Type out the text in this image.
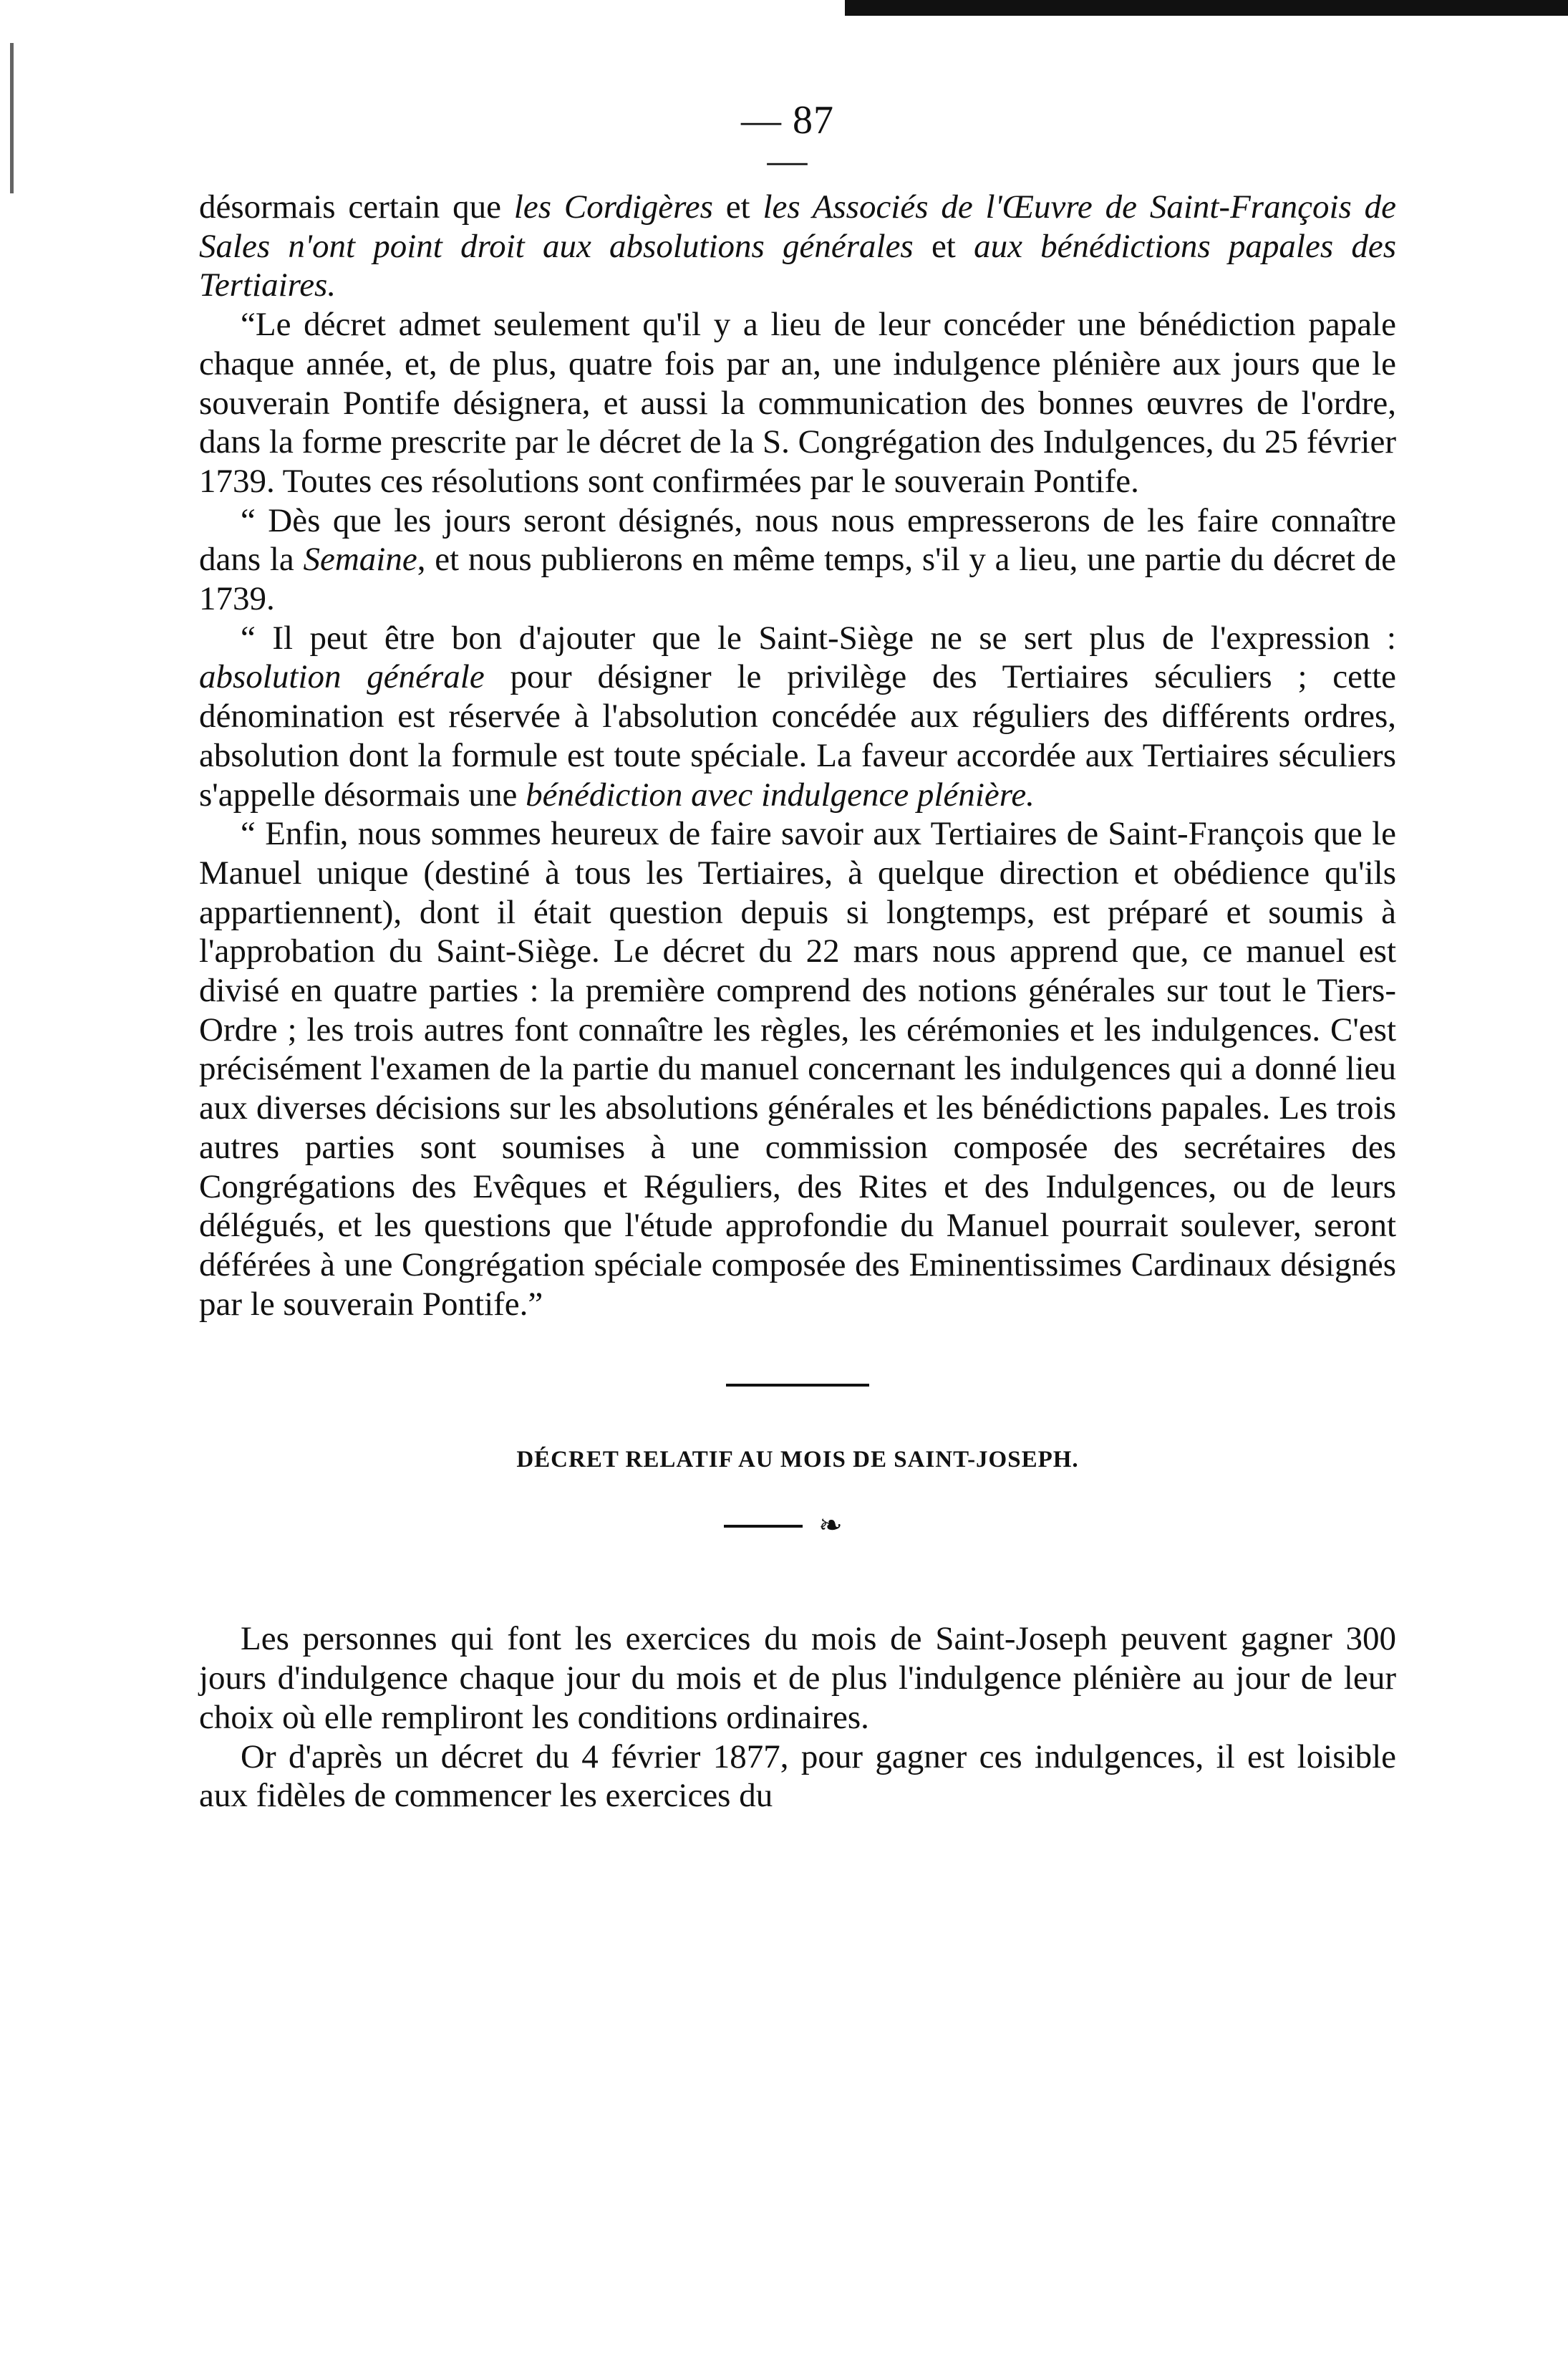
— 87 —

désormais certain que les Cordigères et les Associés de l'Œuvre de Saint-François de Sales n'ont point droit aux absolutions générales et aux bénédictions papales des Tertiaires.

“Le décret admet seulement qu'il y a lieu de leur concéder une bénédiction papale chaque année, et, de plus, quatre fois par an, une indulgence plénière aux jours que le souverain Pontife désignera, et aussi la communication des bonnes œuvres de l'ordre, dans la forme prescrite par le décret de la S. Congrégation des Indulgences, du 25 février 1739. Toutes ces résolutions sont confirmées par le souverain Pontife.

“ Dès que les jours seront désignés, nous nous empresserons de les faire connaître dans la Semaine, et nous publierons en même temps, s'il y a lieu, une partie du décret de 1739.

“ Il peut être bon d'ajouter que le Saint-Siège ne se sert plus de l'expression : absolution générale pour désigner le privilège des Tertiaires séculiers ; cette dénomination est réservée à l'absolution concédée aux réguliers des différents ordres, absolution dont la formule est toute spéciale. La faveur accordée aux Tertiaires séculiers s'appelle désormais une bénédiction avec indulgence plénière.

“ Enfin, nous sommes heureux de faire savoir aux Tertiaires de Saint-François que le Manuel unique (destiné à tous les Tertiaires, à quelque direction et obédience qu'ils appartiennent), dont il était question depuis si longtemps, est préparé et soumis à l'approbation du Saint-Siège. Le décret du 22 mars nous apprend que, ce manuel est divisé en quatre parties : la première comprend des notions générales sur tout le Tiers-Ordre ; les trois autres font connaître les règles, les cérémonies et les indulgences. C'est précisément l'examen de la partie du manuel concernant les indulgences qui a donné lieu aux diverses décisions sur les absolutions générales et les bénédictions papales. Les trois autres parties sont soumises à une commission composée des secrétaires des Congrégations des Evêques et Réguliers, des Rites et des Indulgences, ou de leurs délégués, et les questions que l'étude approfondie du Manuel pourrait soulever, seront déférées à une Congrégation spéciale composée des Eminentissimes Cardinaux désignés par le souverain Pontife.”

DÉCRET RELATIF AU MOIS DE SAINT-JOSEPH.
❧

Les personnes qui font les exercices du mois de Saint-Joseph peuvent gagner 300 jours d'indulgence chaque jour du mois et de plus l'indulgence plénière au jour de leur choix où elle rempliront les conditions ordinaires.

Or d'après un décret du 4 février 1877, pour gagner ces indulgences, il est loisible aux fidèles de commencer les exercices du
